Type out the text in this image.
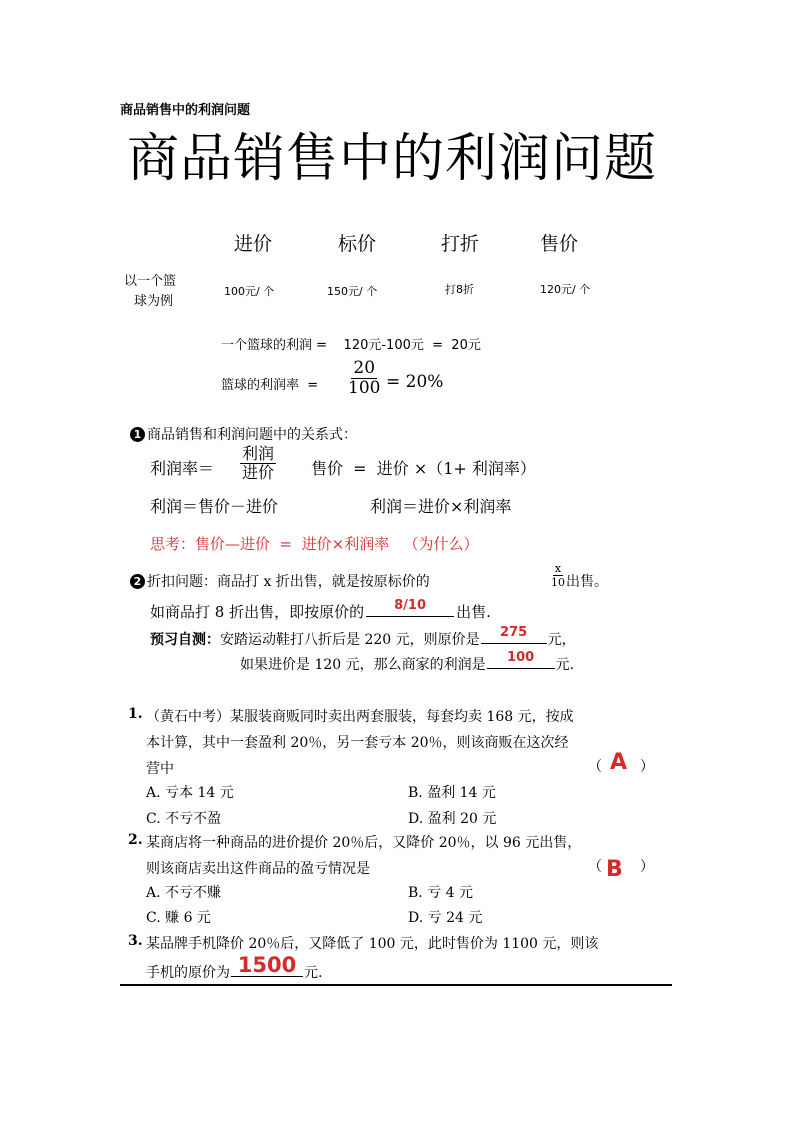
商品销售中的利润问题
商品销售中的利润问题
进价	标价	打折	售价
以一个篮
球为例
100元/ 个	150元/ 个	打8折	120元/ 个
一个篮球的利润 =    120元-100元  =  20元
篮球的利润率  = $\frac{20}{100} = 20\%$
1 商品销售和利润问题中的关系式：
利润率＝ $\frac{\text{利润}}{\text{进价}}$ 售价  =  进价 ×（1+ 利润率）
利润＝售价－进价	利润＝进价×利润率
思考：售价—进价  =  进价×利润率   （为什么）
2 折扣问题：商品打 x 折出售，就是按原标价的	$\frac{x}{10}$ 出售。
如商品打 8 折出售，即按原价的	8/10	出售.
预习自测：安踏运动鞋打八折后是 220 元，则原价是	275	元，
如果进价是 120 元，那么商家的利润是	100	元.
1. （黄石中考）某服装商贩同时卖出两套服装，每套均卖 168 元，按成
本计算，其中一套盈利 20％，另一套亏本 20％，则该商贩在这次经
营中	（ A ）
A. 亏本 14 元	B. 盈利 14 元
C. 不亏不盈	D. 盈利 20 元
2. 某商店将一种商品的进价提价 20％后，又降价 20％，以 96 元出售，
则该商店卖出这件商品的盈亏情况是	（ B ）
A. 不亏不赚	B. 亏 4 元
C. 赚 6 元	D. 亏 24 元
3. 某品牌手机降价 20％后，又降低了 100 元，此时售价为 1100 元，则该
手机的原价为 1500 元.
